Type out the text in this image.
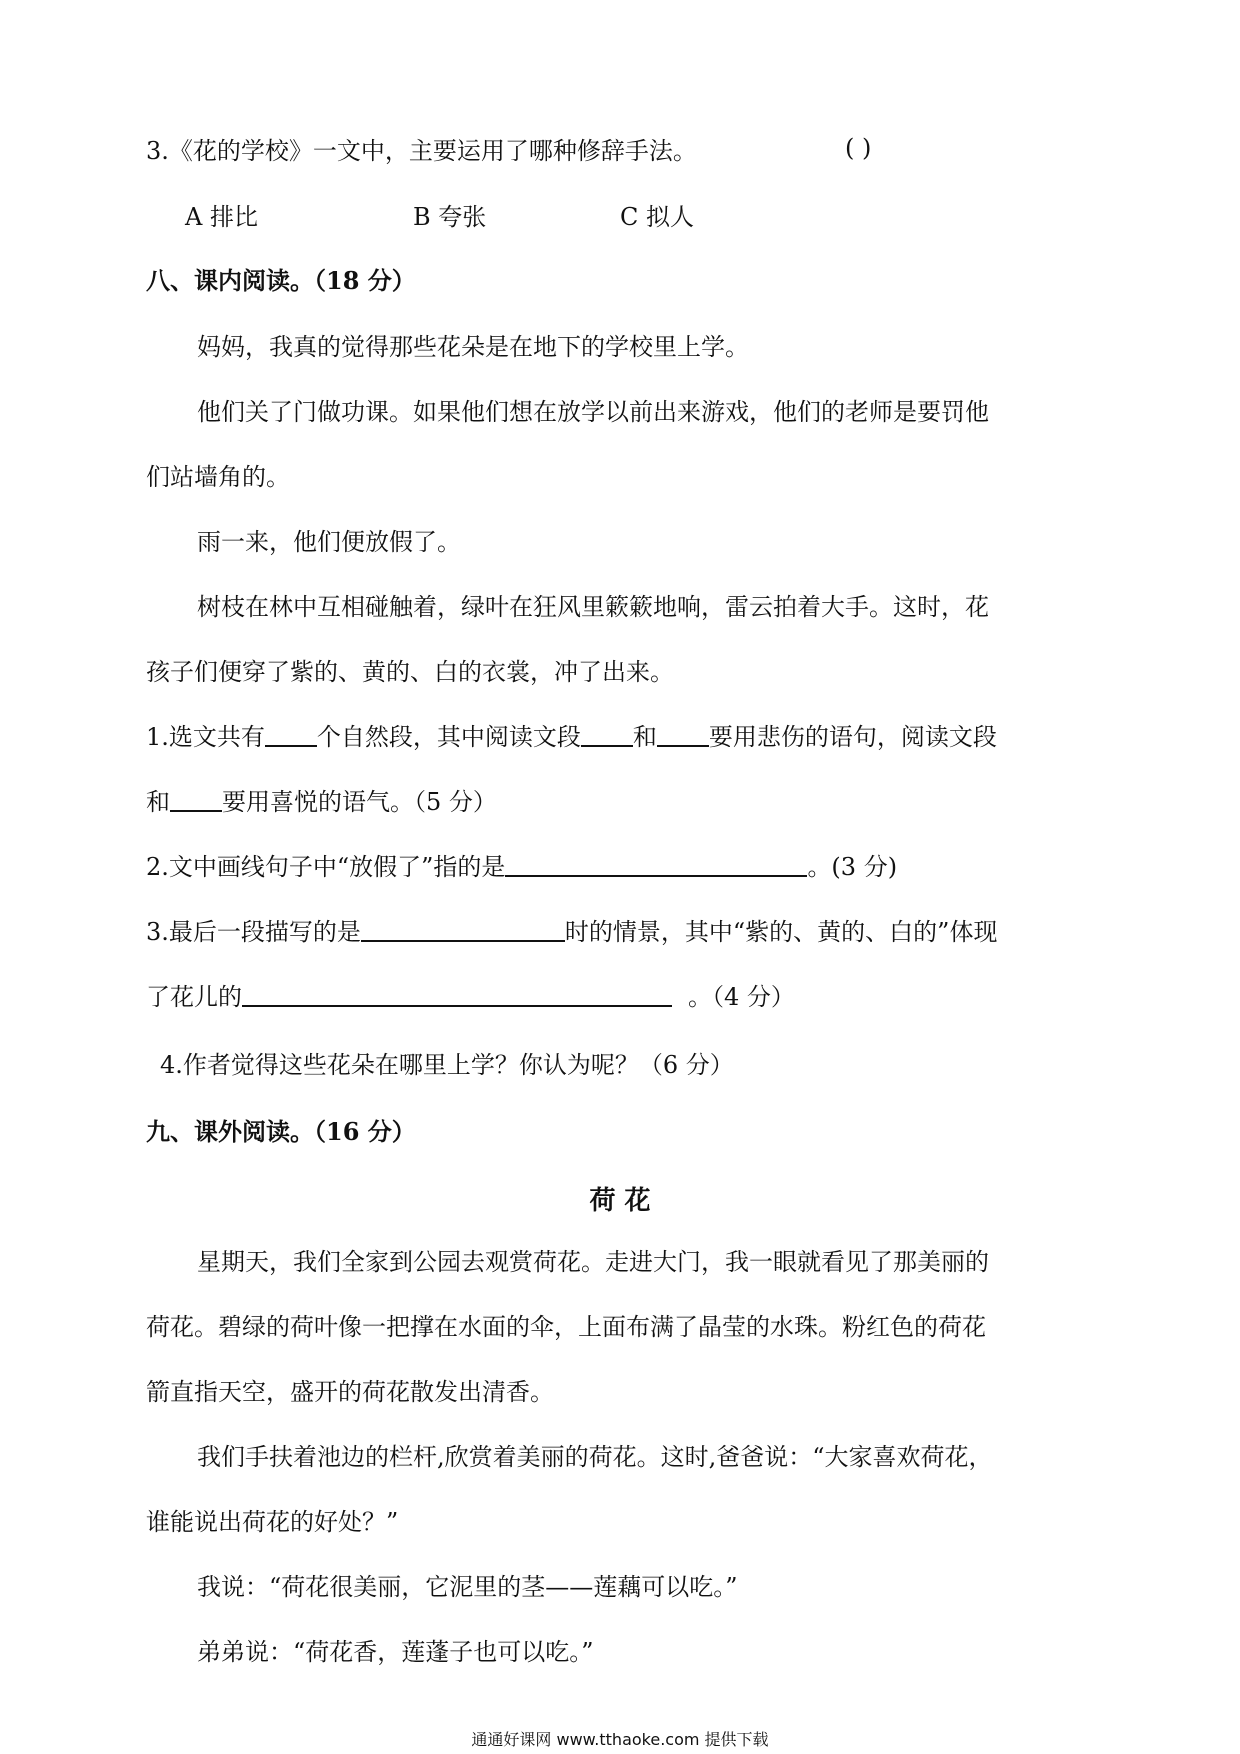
3.《花的学校》一文中，主要运用了哪种修辞手法。	( )
A 排比	B 夸张	C 拟人
八、课内阅读。（18 分）
妈妈，我真的觉得那些花朵是在地下的学校里上学。
他们关了门做功课。如果他们想在放学以前出来游戏，他们的老师是要罚他
们站墙角的。
雨一来，他们便放假了。
树枝在林中互相碰触着，绿叶在狂风里簌簌地响，雷云拍着大手。这时，花
孩子们便穿了紫的、黄的、白的衣裳，冲了出来。
1.选文共有 个自然段，其中阅读文段 和 要用悲伤的语句，阅读文段
和 要用喜悦的语气。（5 分）
2.文中画线句子中“放假了”指的是	。(3 分)
3.最后一段描写的是	时的情景，其中“紫的、黄的、白的”体现
了花儿的	。（4 分）
4.作者觉得这些花朵在哪里上学？你认为呢？（6 分）
九、课外阅读。（16 分）
荷 花
星期天，我们全家到公园去观赏荷花。走进大门，我一眼就看见了那美丽的
荷花。碧绿的荷叶像一把撑在水面的伞，上面布满了晶莹的水珠。粉红色的荷花
箭直指天空，盛开的荷花散发出清香。
我们手扶着池边的栏杆,欣赏着美丽的荷花。这时,爸爸说：“大家喜欢荷花，
谁能说出荷花的好处？”
我说：“荷花很美丽，它泥里的茎——莲藕可以吃。”
弟弟说：“荷花香，莲蓬子也可以吃。”
通通好课网 www.tthaoke.com 提供下载
